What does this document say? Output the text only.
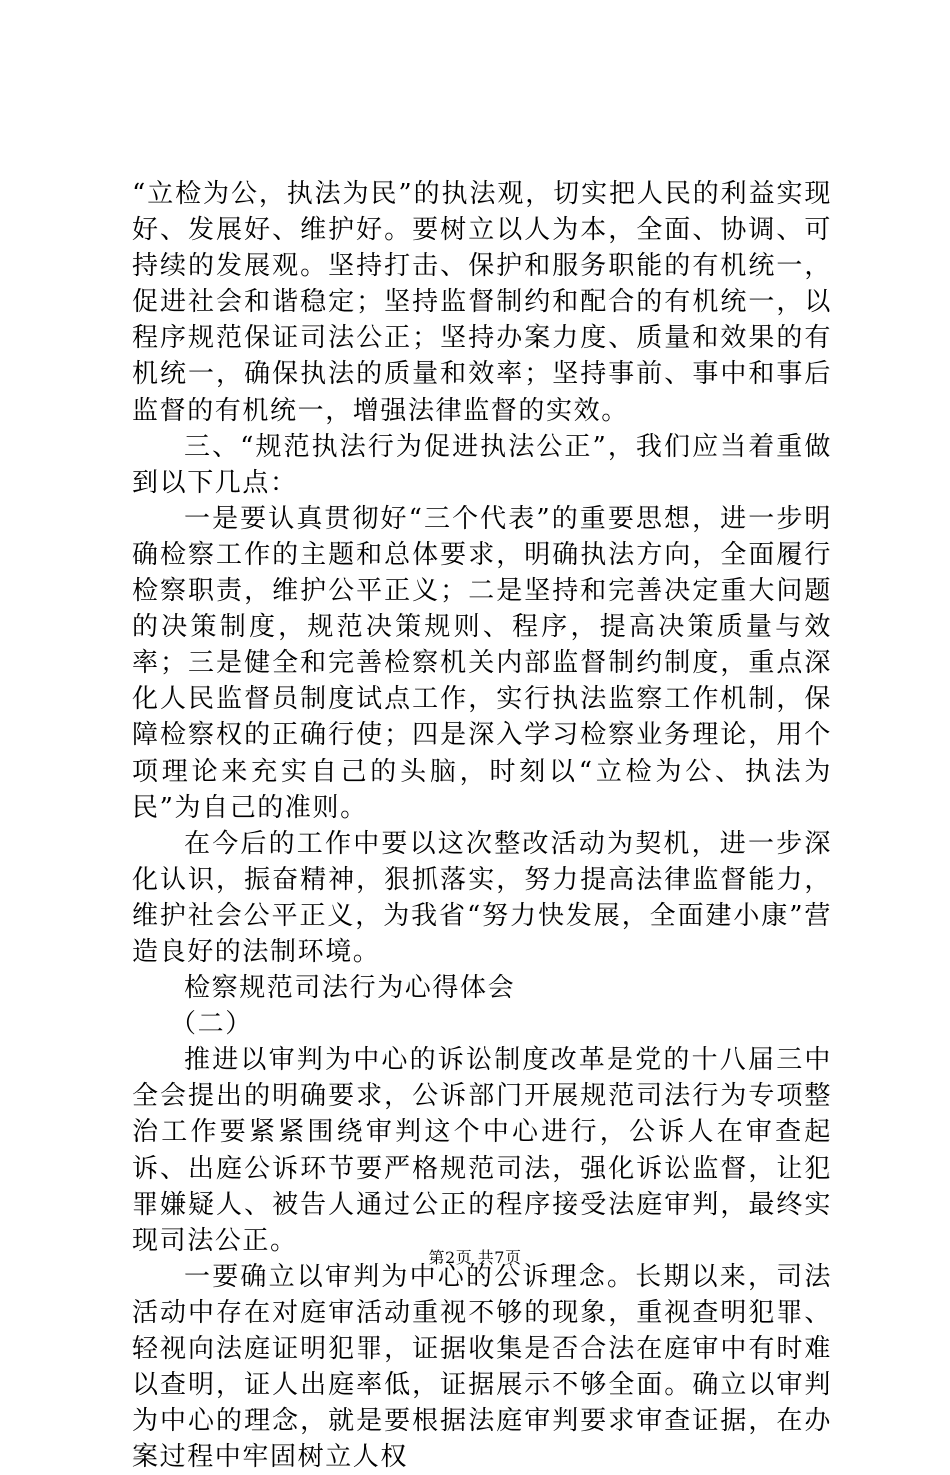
“立检为公，执法为民”的执法观，切实把人民的利益实现好、发展好、维护好。要树立以人为本，全面、协调、可持续的发展观。坚持打击、保护和服务职能的有机统一，促进社会和谐稳定；坚持监督制约和配合的有机统一，以程序规范保证司法公正；坚持办案力度、质量和效果的有机统一，确保执法的质量和效率；坚持事前、事中和事后监督的有机统一，增强法律监督的实效。

三、“规范执法行为促进执法公正”，我们应当着重做到以下几点：

一是要认真贯彻好“三个代表”的重要思想，进一步明确检察工作的主题和总体要求，明确执法方向，全面履行检察职责，维护公平正义；二是坚持和完善决定重大问题的决策制度，规范决策规则、程序，提高决策质量与效率；三是健全和完善检察机关内部监督制约制度，重点深化人民监督员制度试点工作，实行执法监察工作机制，保障检察权的正确行使；四是深入学习检察业务理论，用个项理论来充实自己的头脑，时刻以“立检为公、执法为民”为自己的准则。

在今后的工作中要以这次整改活动为契机，进一步深化认识，振奋精神，狠抓落实，努力提高法律监督能力，维护社会公平正义，为我省“努力快发展，全面建小康”营造良好的法制环境。

检察规范司法行为心得体会

（二）

推进以审判为中心的诉讼制度改革是党的十八届三中全会提出的明确要求，公诉部门开展规范司法行为专项整治工作要紧紧围绕审判这个中心进行，公诉人在审查起诉、出庭公诉环节要严格规范司法，强化诉讼监督，让犯罪嫌疑人、被告人通过公正的程序接受法庭审判，最终实现司法公正。

一要确立以审判为中心的公诉理念。长期以来，司法活动中存在对庭审活动重视不够的现象，重视查明犯罪、轻视向法庭证明犯罪，证据收集是否合法在庭审中有时难以查明，证人出庭率低，证据展示不够全面。确立以审判为中心的理念，就是要根据法庭审判要求审查证据，在办案过程中牢固树立人权

第2页 共7页
